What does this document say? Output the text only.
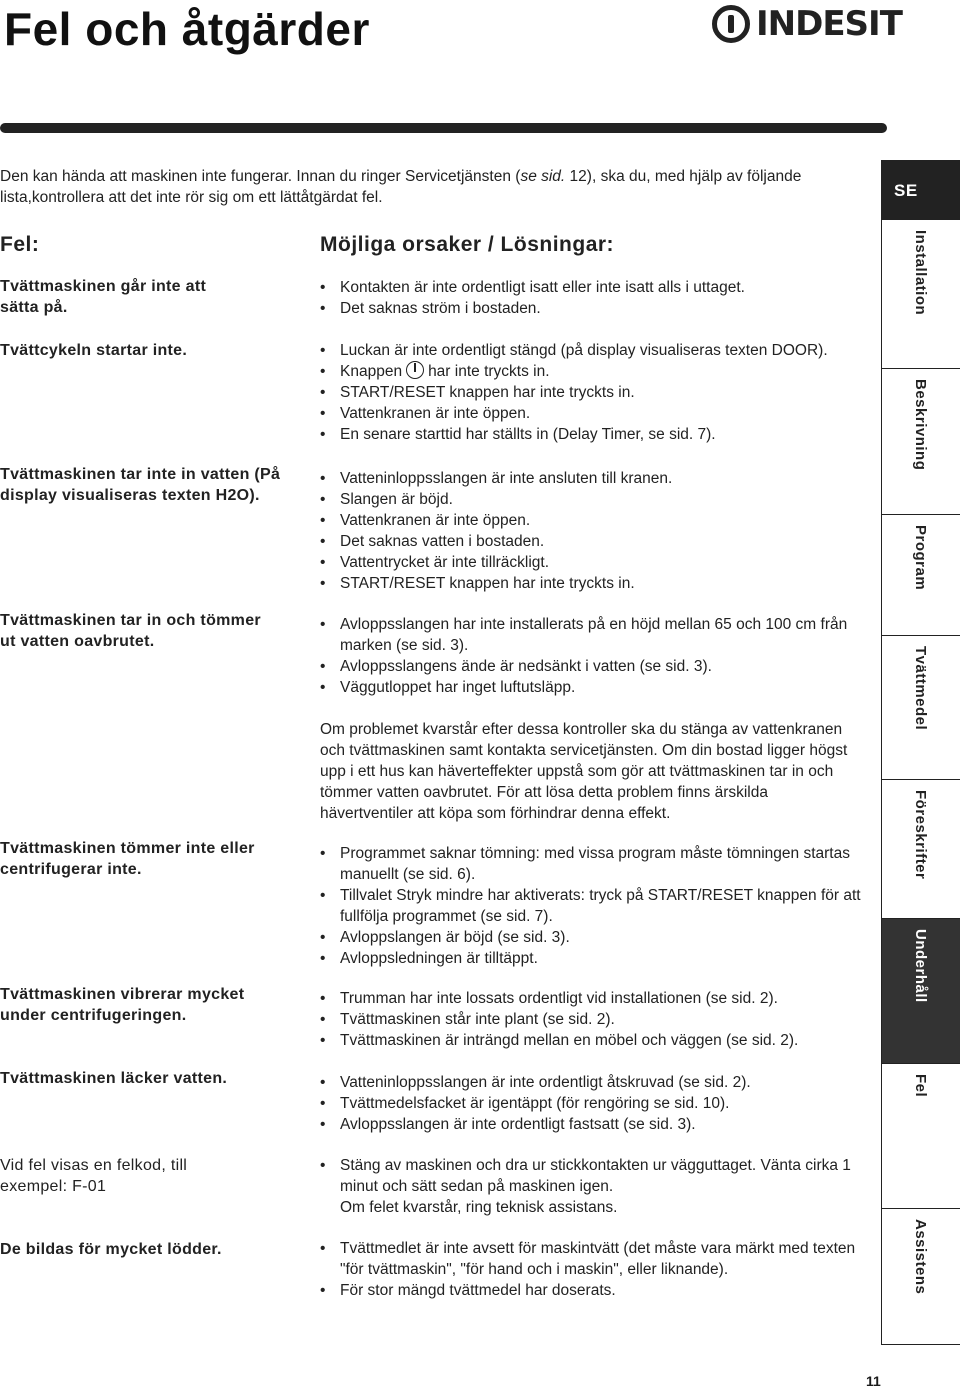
Fel och åtgärder	INDESIT
Den kan hända att maskinen inte fungerar. Innan du ringer Servicetjänsten (se sid. 12), ska du, med hjälp av följande lista,kontrollera att det inte rör sig om ett lättåtgärdat fel.
Fel:	Möjliga orsaker / Lösningar:
Tvättmaskinen går inte att sätta på.
• Kontakten är inte ordentligt isatt eller inte isatt alls i uttaget.
• Det saknas ström i bostaden.
Tvättcykeln startar inte.	• Luckan är inte ordentligt stängd (på display visualiseras texten DOOR).
• Knappen har inte tryckts in.
• START/RESET knappen har inte tryckts in.
• Vattenkranen är inte öppen.
• En senare starttid har ställts in (Delay Timer, se sid. 7).
Tvättmaskinen tar inte in vatten (På display visualiseras texten H2O).
• Vatteninloppsslangen är inte ansluten till kranen.
• Slangen är böjd.
• Vattenkranen är inte öppen.
• Det saknas vatten i bostaden.
• Vattentrycket är inte tillräckligt.
• START/RESET knappen har inte tryckts in.
Tvättmaskinen tar in och tömmer ut vatten oavbrutet.
• Avloppsslangen har inte installerats på en höjd mellan 65 och 100 cm från marken (se sid. 3).
• Avloppsslangens ände är nedsänkt i vatten (se sid. 3).
• Väggutloppet har inget luftutsläpp.

Om problemet kvarstår efter dessa kontroller ska du stänga av vattenkranen och tvättmaskinen samt kontakta servicetjänsten. Om din bostad ligger högst upp i ett hus kan häverteffekter uppstå som gör att tvättmaskinen tar in och tömmer vatten oavbrutet. För att lösa detta problem finns ärskilda hävertventiler att köpa som förhindrar denna effekt.

Tvättmaskinen tömmer inte eller centrifugerar inte.
• Programmet saknar tömning: med vissa program måste tömningen startas manuellt (se sid. 6).
• Tillvalet Stryk mindre har aktiverats: tryck på START/RESET knappen för att fullfölja programmet (se sid. 7).
• Avloppslangen är böjd (se sid. 3).
• Avloppsledningen är tilltäppt.
Tvättmaskinen vibrerar mycket under centrifugeringen.
• Trumman har inte lossats ordentligt vid installationen (se sid. 2).
• Tvättmaskinen står inte plant (se sid. 2).
• Tvättmaskinen är inträngd mellan en möbel och väggen (se sid. 2).
Tvättmaskinen läcker vatten.	• Vatteninloppsslangen är inte ordentligt åtskruvad (se sid. 2).
• Tvättmedelsfacket är igentäppt (för rengöring se sid. 10).
• Avloppsslangen är inte ordentligt fastsatt (se sid. 3).
Vid fel visas en felkod, till exempel: F-01
• Stäng av maskinen och dra ur stickkontakten ur vägguttaget. Vänta cirka 1 minut och sätt sedan på maskinen igen.

Om felet kvarstår, ring teknisk assistans.

De bildas för mycket lödder.	• Tvättmedlet är inte avsett för maskintvätt (det måste vara märkt med texten "för tvättmaskin", "för hand och i maskin", eller liknande).
• För stor mängd tvättmedel har doserats.
SE
Installation
Beskrivning
Program
Tvättmedel
Föreskrifter
Underhåll
Fel
Assistens
11
